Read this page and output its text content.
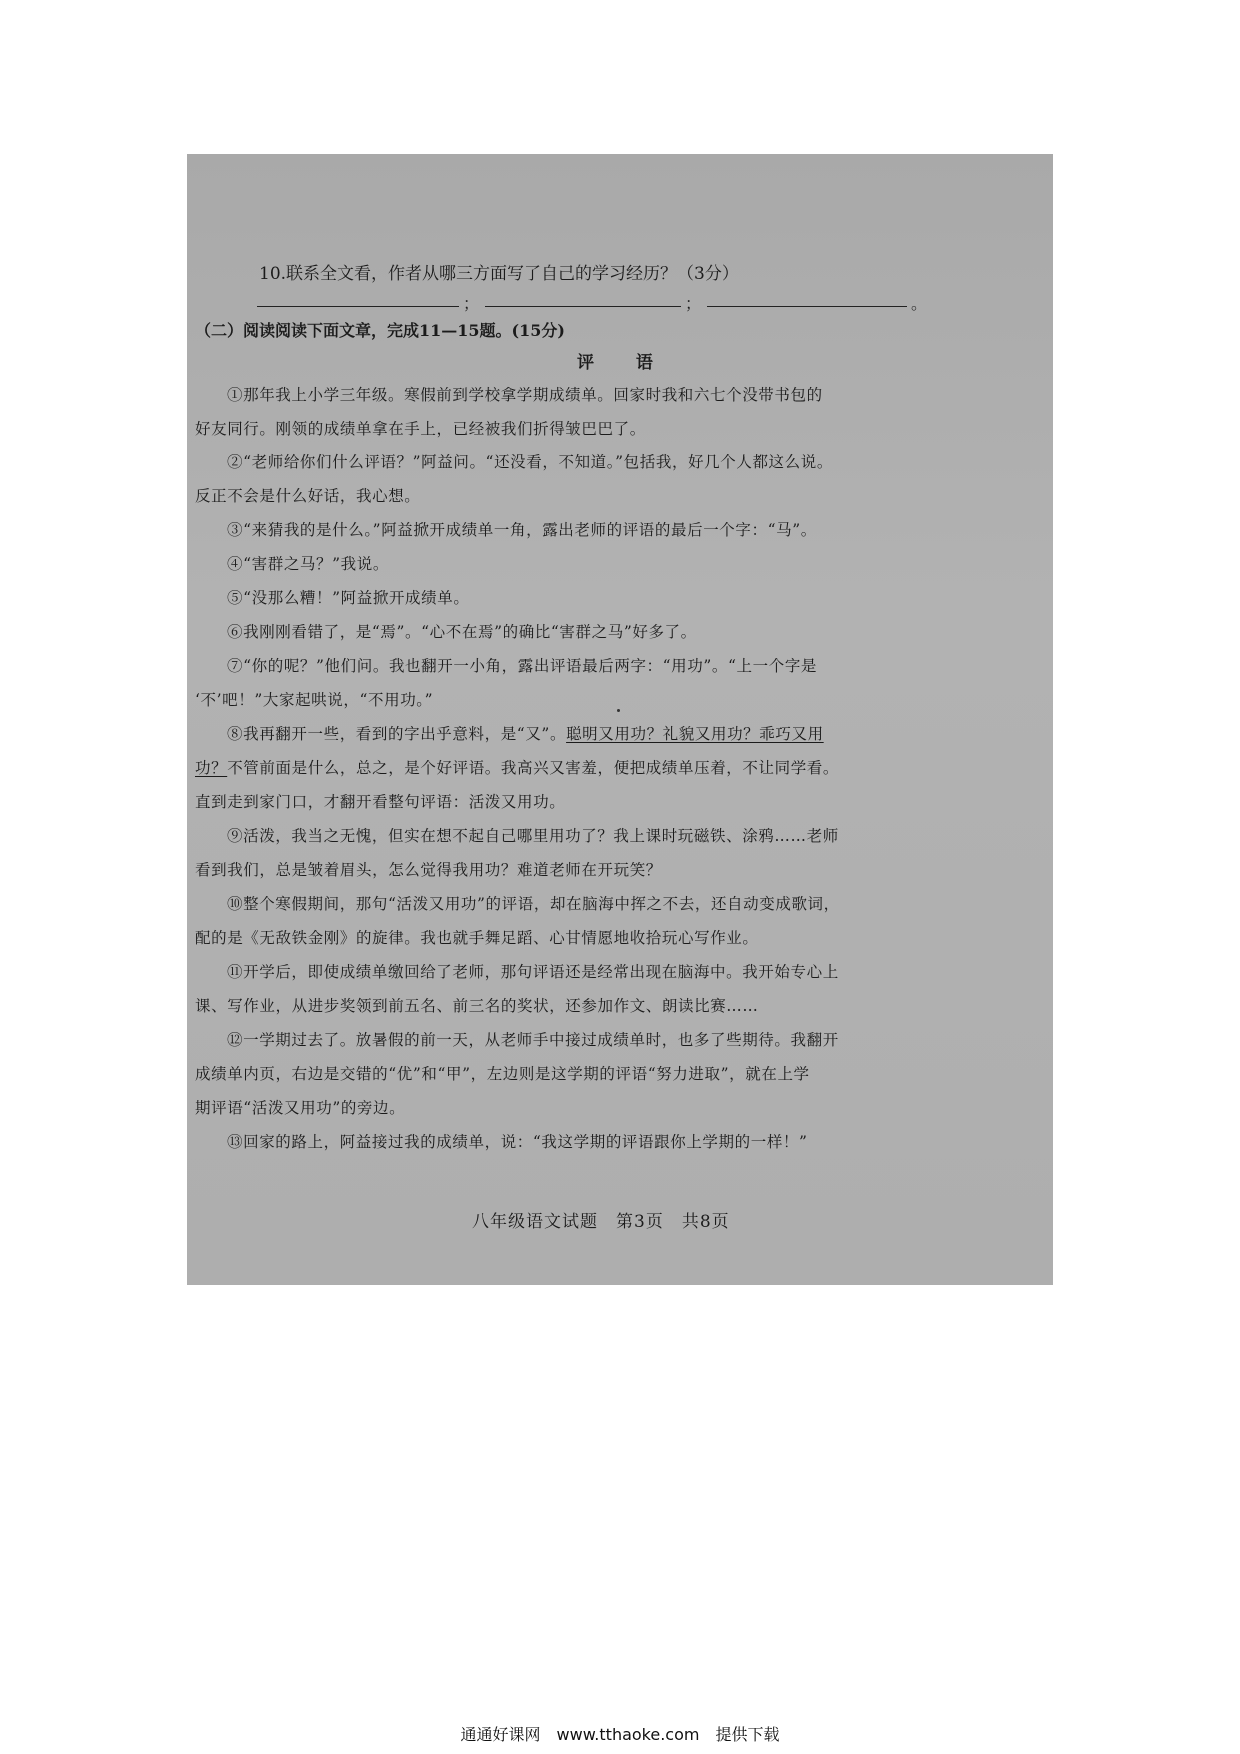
10.联系全文看，作者从哪三方面写了自己的学习经历？（3分）
；	；	。
（二）阅读阅读下面文章，完成11—15题。(15分)
评 语
①那年我上小学三年级。寒假前到学校拿学期成绩单。回家时我和六七个没带书包的
好友同行。刚领的成绩单拿在手上，已经被我们折得皱巴巴了。
②“老师给你们什么评语？”阿益问。“还没看，不知道。”包括我，好几个人都这么说。
反正不会是什么好话，我心想。
③“来猜我的是什么。”阿益掀开成绩单一角，露出老师的评语的最后一个字：“马”。
④“害群之马？”我说。
⑤“没那么糟！”阿益掀开成绩单。
⑥我刚刚看错了，是“焉”。“心不在焉”的确比“害群之马”好多了。
⑦“你的呢？”他们问。我也翻开一小角，露出评语最后两字：“用功”。“上一个字是
‘不’吧！”大家起哄说，“不用功。”
⑧我再翻开一些，看到的字出乎意料，是“又”。聪明又用功？礼貌又用功？乖巧又用
功？不管前面是什么，总之，是个好评语。我高兴又害羞，便把成绩单压着，不让同学看。
直到走到家门口，才翻开看整句评语：活泼又用功。
⑨活泼，我当之无愧，但实在想不起自己哪里用功了？我上课时玩磁铁、涂鸦……老师
看到我们，总是皱着眉头，怎么觉得我用功？难道老师在开玩笑？
⑩整个寒假期间，那句“活泼又用功”的评语，却在脑海中挥之不去，还自动变成歌词，
配的是《无敌铁金刚》的旋律。我也就手舞足蹈、心甘情愿地收拾玩心写作业。
⑪开学后，即使成绩单缴回给了老师，那句评语还是经常出现在脑海中。我开始专心上
课、写作业，从进步奖领到前五名、前三名的奖状，还参加作文、朗读比赛……
⑫一学期过去了。放暑假的前一天，从老师手中接过成绩单时，也多了些期待。我翻开
成绩单内页，右边是交错的“优”和“甲”，左边则是这学期的评语“努力进取”，就在上学
期评语“活泼又用功”的旁边。
⑬回家的路上，阿益接过我的成绩单，说：“我这学期的评语跟你上学期的一样！”
八年级语文试题　第3页　共8页
通通好课网　www.tthaoke.com　提供下载
